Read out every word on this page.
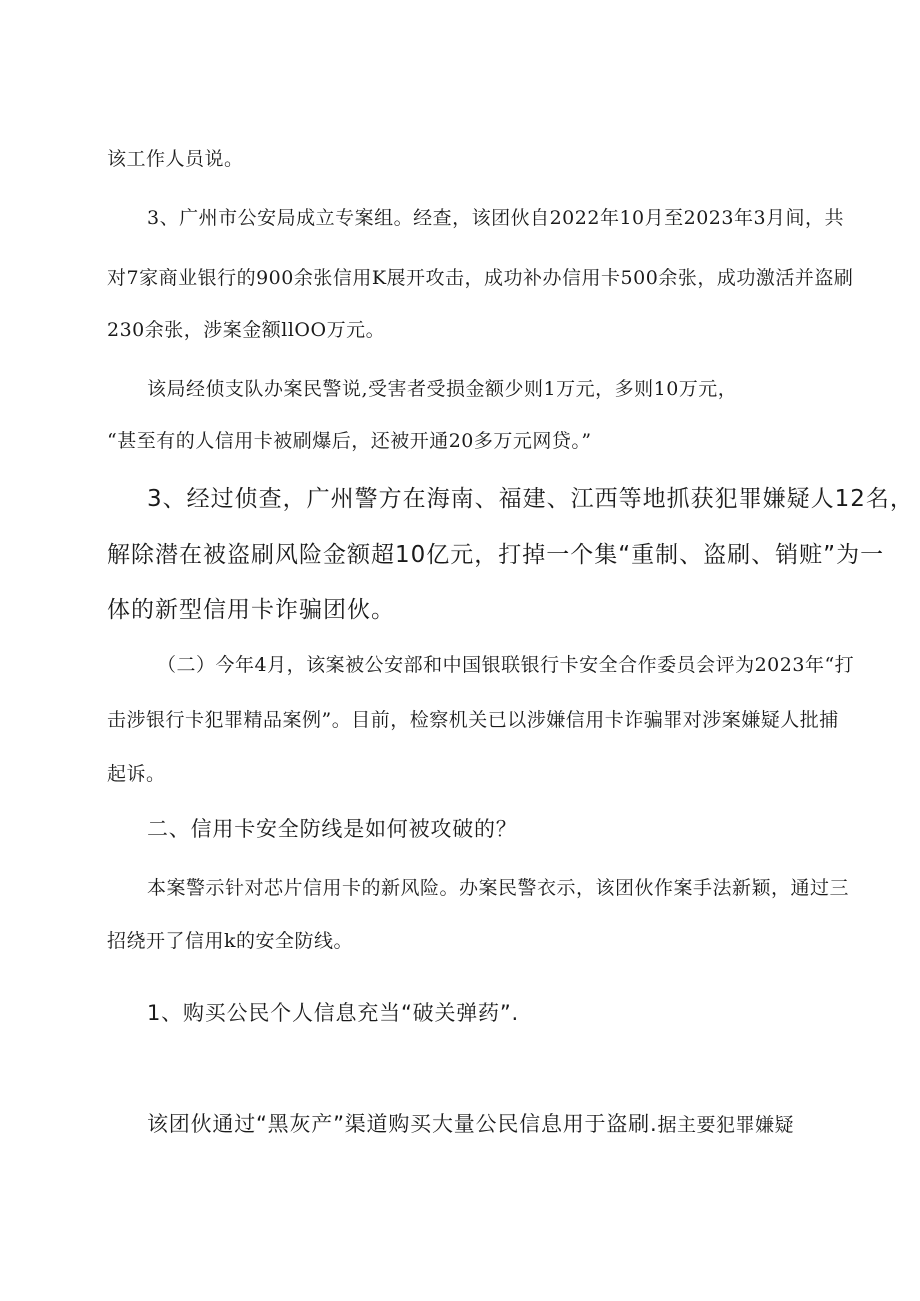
该工作人员说。
3、广州市公安局成立专案组。经查，该团伙自2022年10月至2023年3月间，共
对7家商业银行的900余张信用K展开攻击，成功补办信用卡500余张，成功激活并盗刷
230余张，涉案金额llOO万元。
该局经侦支队办案民警说,受害者受损金额少则1万元，多则10万元，
“甚至有的人信用卡被刷爆后，还被开通20多万元网贷。”
3、经过侦查，广州警方在海南、福建、江西等地抓获犯罪嫌疑人12名，
解除潜在被盗刷风险金额超10亿元，打掉一个集“重制、盗刷、销赃”为一
体的新型信用卡诈骗团伙。
（二）今年4月，该案被公安部和中国银联银行卡安全合作委员会评为2023年“打
击涉银行卡犯罪精品案例”。目前，检察机关已以涉嫌信用卡诈骗罪对涉案嫌疑人批捕
起诉。
二、信用卡安全防线是如何被攻破的？
本案警示针对芯片信用卡的新风险。办案民警衣示，该团伙作案手法新颖，通过三
招绕开了信用k的安全防线。
1、购买公民个人信息充当“破关弹药”.
该团伙通过“黑灰产”渠道购买大量公民信息用于盗刷.据主要犯罪嫌疑
